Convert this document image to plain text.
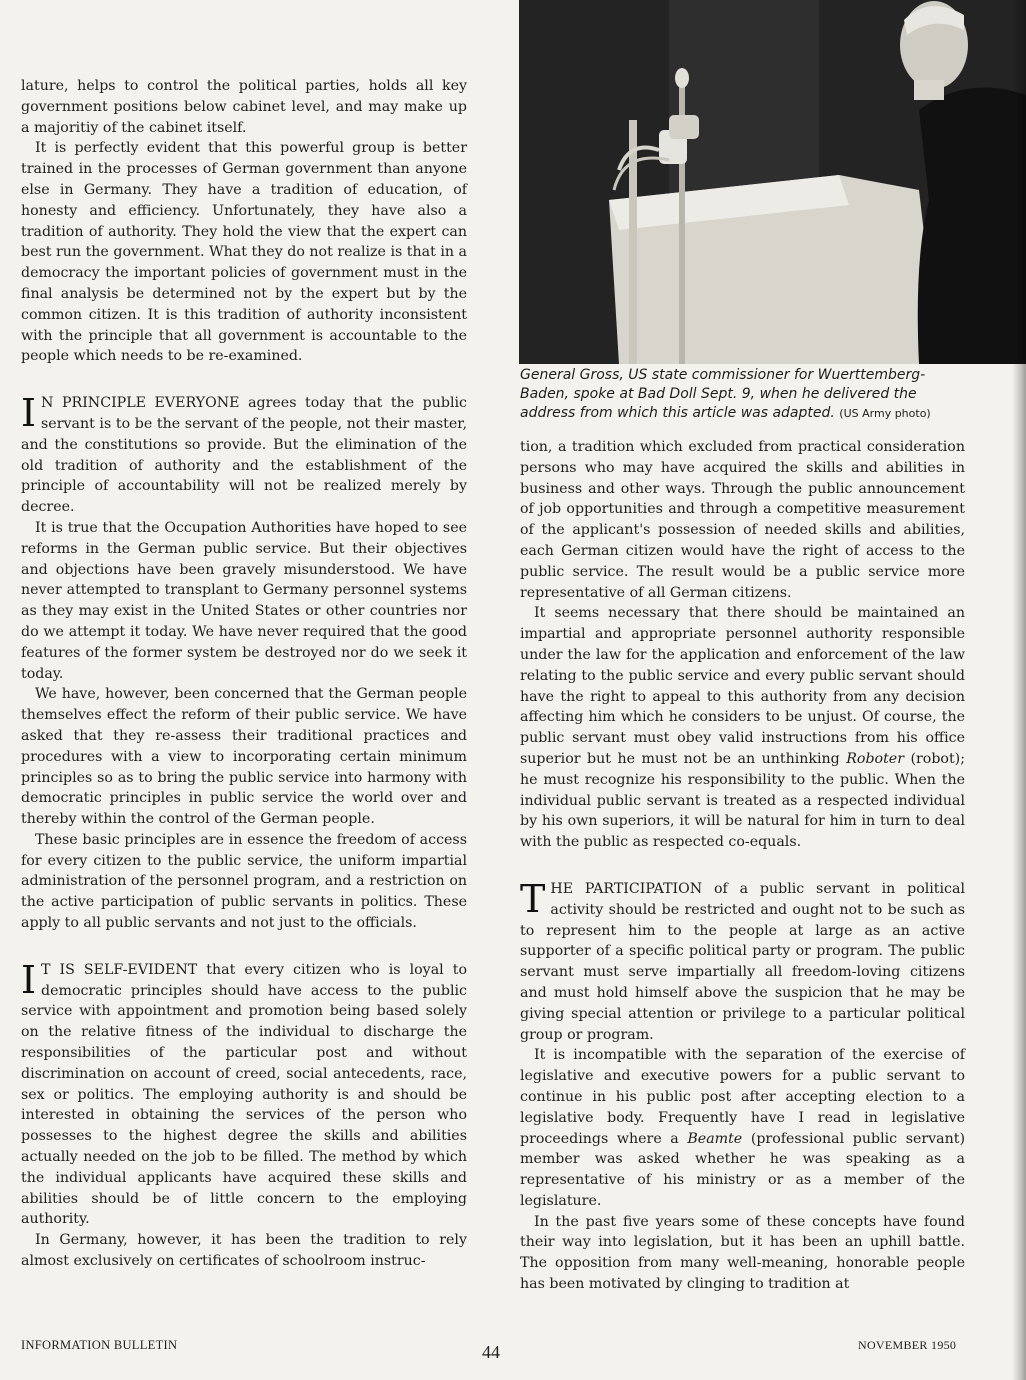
lature, helps to control the political parties, holds all key government positions below cabinet level, and may make up a majoritiy of the cabinet itself.

It is perfectly evident that this powerful group is better trained in the processes of German government than anyone else in Germany. They have a tradition of education, of honesty and efficiency. Unfortunately, they have also a tradition of authority. They hold the view that the expert can best run the government. What they do not realize is that in a democracy the important policies of government must in the final analysis be determined not by the expert but by the common citizen. It is this tradition of authority inconsistent with the principle that all government is accountable to the people which needs to be re-examined.

I N PRINCIPLE EVERYONE agrees today that the public servant is to be the servant of the people, not their master, and the constitutions so provide. But the elimination of the old tradition of authority and the establishment of the principle of accountability will not be realized merely by decree.

It is true that the Occupation Authorities have hoped to see reforms in the German public service. But their objectives and objections have been gravely misunderstood. We have never attempted to transplant to Germany personnel systems as they may exist in the United States or other countries nor do we attempt it today. We have never required that the good features of the former system be destroyed nor do we seek it today.

We have, however, been concerned that the German people themselves effect the reform of their public service. We have asked that they re-assess their traditional practices and procedures with a view to incorporating certain minimum principles so as to bring the public service into harmony with democratic principles in public service the world over and thereby within the control of the German people.

These basic principles are in essence the freedom of access for every citizen to the public service, the uniform impartial administration of the personnel program, and a restriction on the active participation of public servants in politics. These apply to all public servants and not just to the officials.

I T IS SELF-EVIDENT that every citizen who is loyal to democratic principles should have access to the public service with appointment and promotion being based solely on the relative fitness of the individual to discharge the responsibilities of the particular post and without discrimination on account of creed, social antecedents, race, sex or politics. The employing authority is and should be interested in obtaining the services of the person who possesses to the highest degree the skills and abilities actually needed on the job to be filled. The method by which the individual applicants have acquired these skills and abilities should be of little concern to the employing authority.

In Germany, however, it has been the tradition to rely almost exclusively on certificates of schoolroom instruc-

General Gross, US state commissioner for Wuerttemberg-Baden, spoke at Bad Doll Sept. 9, when he delivered the address from which this article was adapted. (US Army photo)

tion, a tradition which excluded from practical consideration persons who may have acquired the skills and abilities in business and other ways. Through the public announcement of job opportunities and through a competitive measurement of the applicant's possession of needed skills and abilities, each German citizen would have the right of access to the public service. The result would be a public service more representative of all German citizens.

It seems necessary that there should be maintained an impartial and appropriate personnel authority responsible under the law for the application and enforcement of the law relating to the public service and every public servant should have the right to appeal to this authority from any decision affecting him which he considers to be unjust. Of course, the public servant must obey valid instructions from his office superior but he must not be an unthinking Roboter (robot); he must recognize his responsibility to the public. When the individual public servant is treated as a respected individual by his own superiors, it will be natural for him in turn to deal with the public as respected co-equals.

THE PARTICIPATION of a public servant in political activity should be restricted and ought not to be such as to represent him to the people at large as an active supporter of a specific political party or program. The public servant must serve impartially all freedom-loving citizens and must hold himself above the suspicion that he may be giving special attention or privilege to a particular political group or program.

It is incompatible with the separation of the exercise of legislative and executive powers for a public servant to continue in his public post after accepting election to a legislative body. Frequently have I read in legislative proceedings where a Beamte (professional public servant) member was asked whether he was speaking as a representative of his ministry or as a member of the legislature.

In the past five years some of these concepts have found their way into legislation, but it has been an uphill battle. The opposition from many well-meaning, honorable people has been motivated by clinging to tradition at

INFORMATION BULLETIN	44	NOVEMBER 1950
